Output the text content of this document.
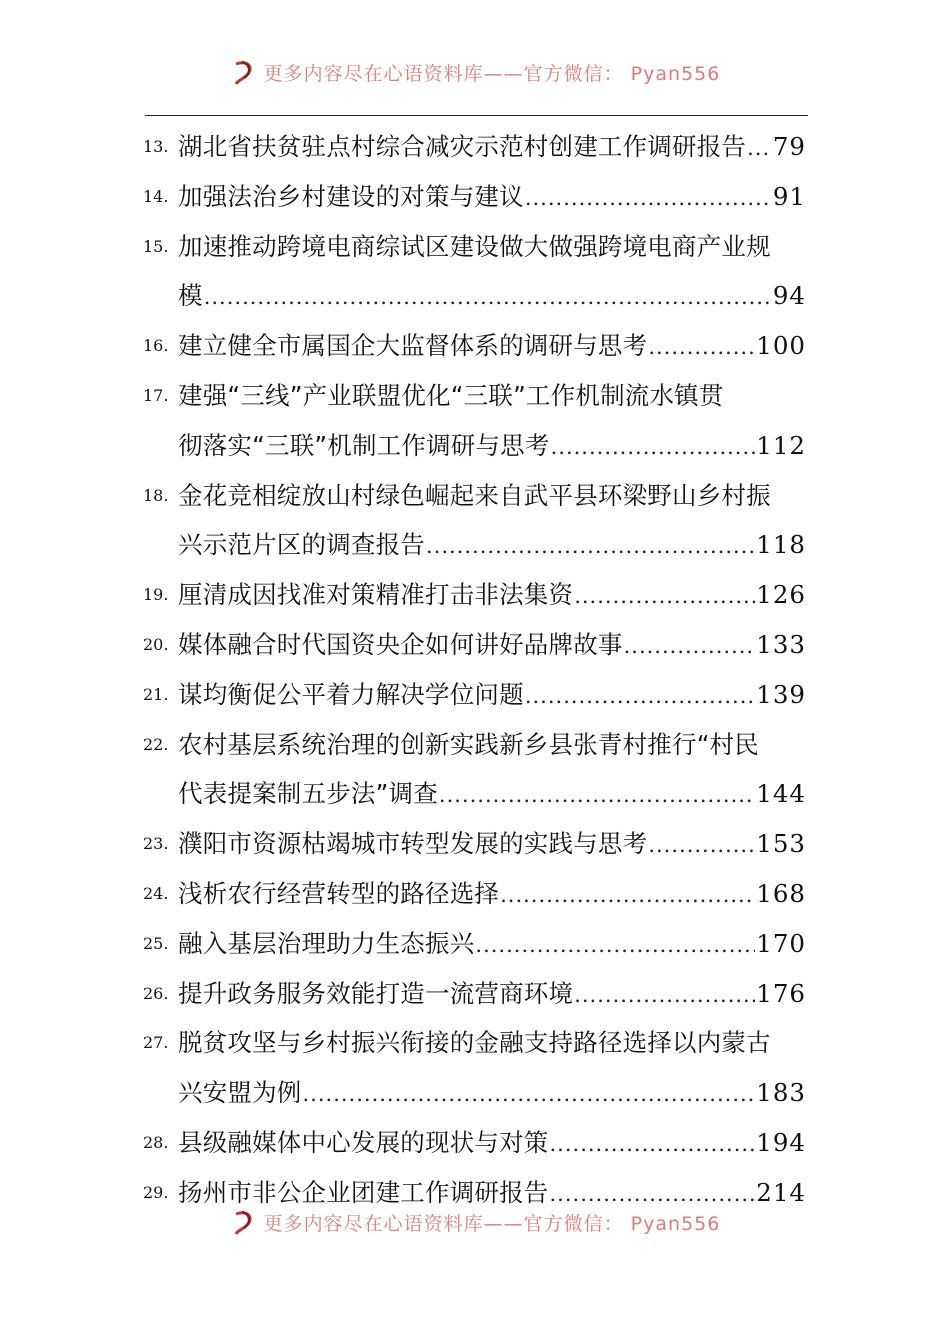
更多内容尽在心语资料库——官方微信： Pyan556
13. 湖北省扶贫驻点村综合减灾示范村创建工作调研报告 ..... 79
14. 加强法治乡村建设的对策与建议 .....	91
15. 加速推动跨境电商综试区建设做大做强跨境电商产业规
模 .....	94
16. 建立健全市属国企大监督体系的调研与思考 .....	100
17. 建强“三线”产业联盟优化“三联”工作机制流水镇贯
彻落实“三联”机制工作调研与思考 .....	112
18. 金花竞相绽放山村绿色崛起来自武平县环梁野山乡村振
兴示范片区的调查报告 .....	118
19. 厘清成因找准对策精准打击非法集资 .....	126
20. 媒体融合时代国资央企如何讲好品牌故事 .....	133
21. 谋均衡促公平着力解决学位问题 .....	139
22. 农村基层系统治理的创新实践新乡县张青村推行“村民
代表提案制五步法”调查 .....	144
23. 濮阳市资源枯竭城市转型发展的实践与思考 .....	153
24. 浅析农行经营转型的路径选择 .....	168
25. 融入基层治理助力生态振兴 .....	170
26. 提升政务服务效能打造一流营商环境 .....	176
27. 脱贫攻坚与乡村振兴衔接的金融支持路径选择以内蒙古
兴安盟为例 .....	183
28. 县级融媒体中心发展的现状与对策 .....	194
29. 扬州市非公企业团建工作调研报告 .....	214
更多内容尽在心语资料库——官方微信： Pyan556
